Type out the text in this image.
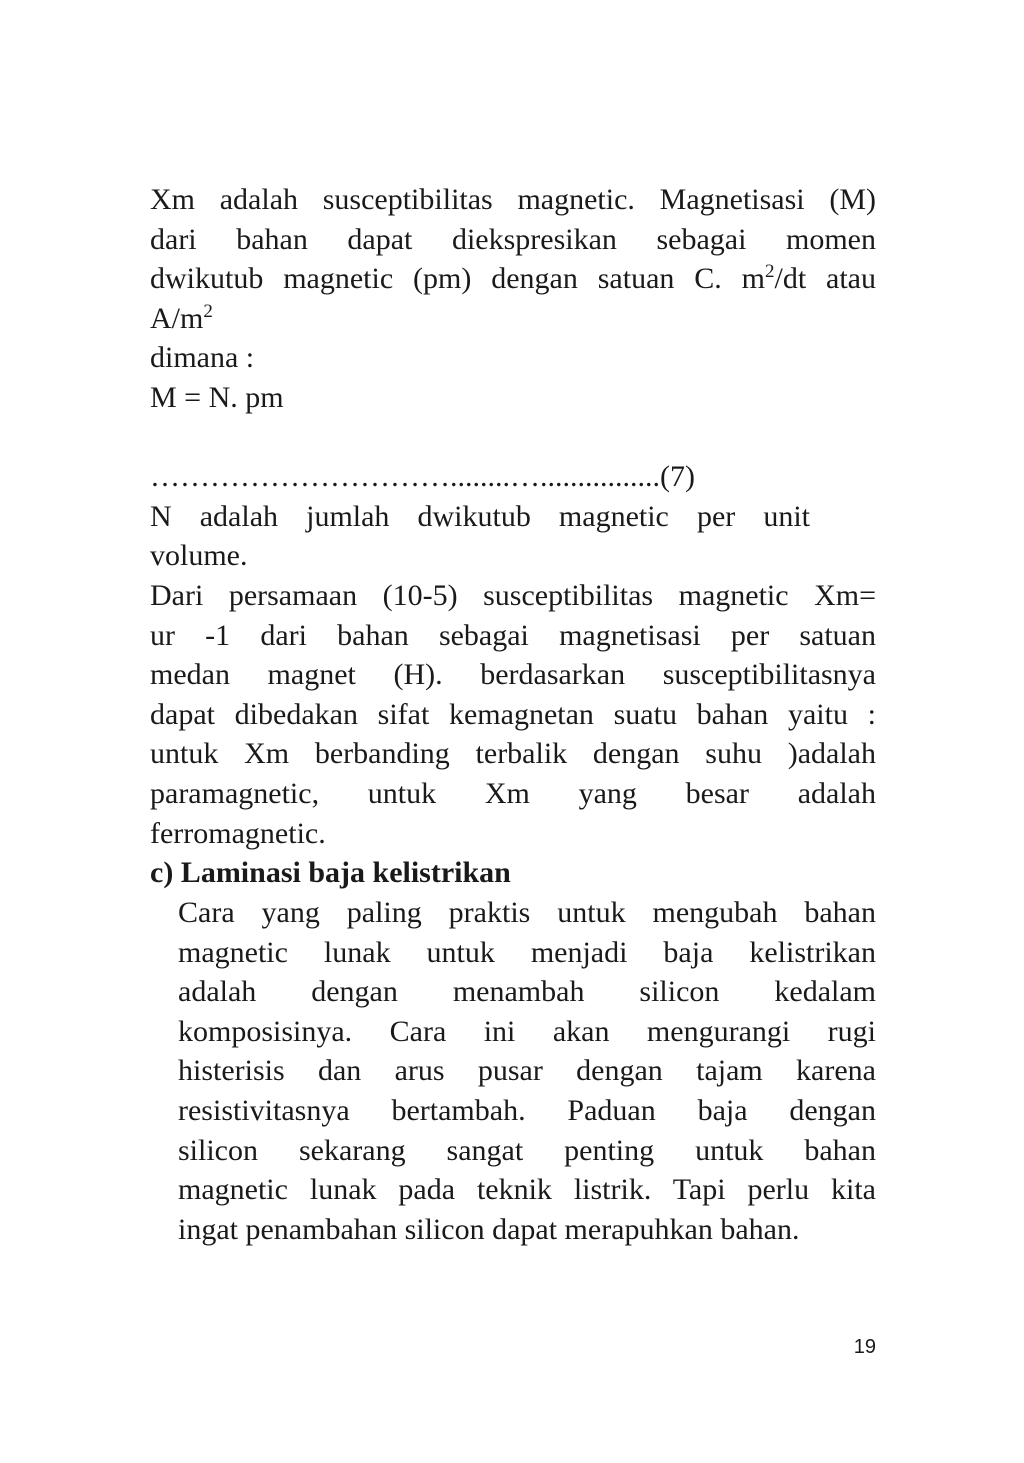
Xm adalah susceptibilitas magnetic. Magnetisasi (M)
dari bahan dapat diekspresikan sebagai momen
dwikutub magnetic (pm) dengan satuan C. $m^2/dt$ atau
$A/m^2$
dimana :
M = N. pm
…………………………........…................(7)
N adalah jumlah dwikutub magnetic per unit
volume.
Dari persamaan (10-5) susceptibilitas magnetic Xm=
ur -1 dari bahan sebagai magnetisasi per satuan
medan magnet (H). berdasarkan susceptibilitasnya
dapat dibedakan sifat kemagnetan suatu bahan yaitu :
untuk Xm berbanding terbalik dengan suhu )adalah
paramagnetic, untuk Xm yang besar adalah
ferromagnetic.
c) Laminasi baja kelistrikan
Cara yang paling praktis untuk mengubah bahan
magnetic lunak untuk menjadi baja kelistrikan
adalah dengan menambah silicon kedalam
komposisinya. Cara ini akan mengurangi rugi
histerisis dan arus pusar dengan tajam karena
resistivitasnya bertambah. Paduan baja dengan
silicon sekarang sangat penting untuk bahan
magnetic lunak pada teknik listrik. Tapi perlu kita
ingat penambahan silicon dapat merapuhkan bahan.
19
